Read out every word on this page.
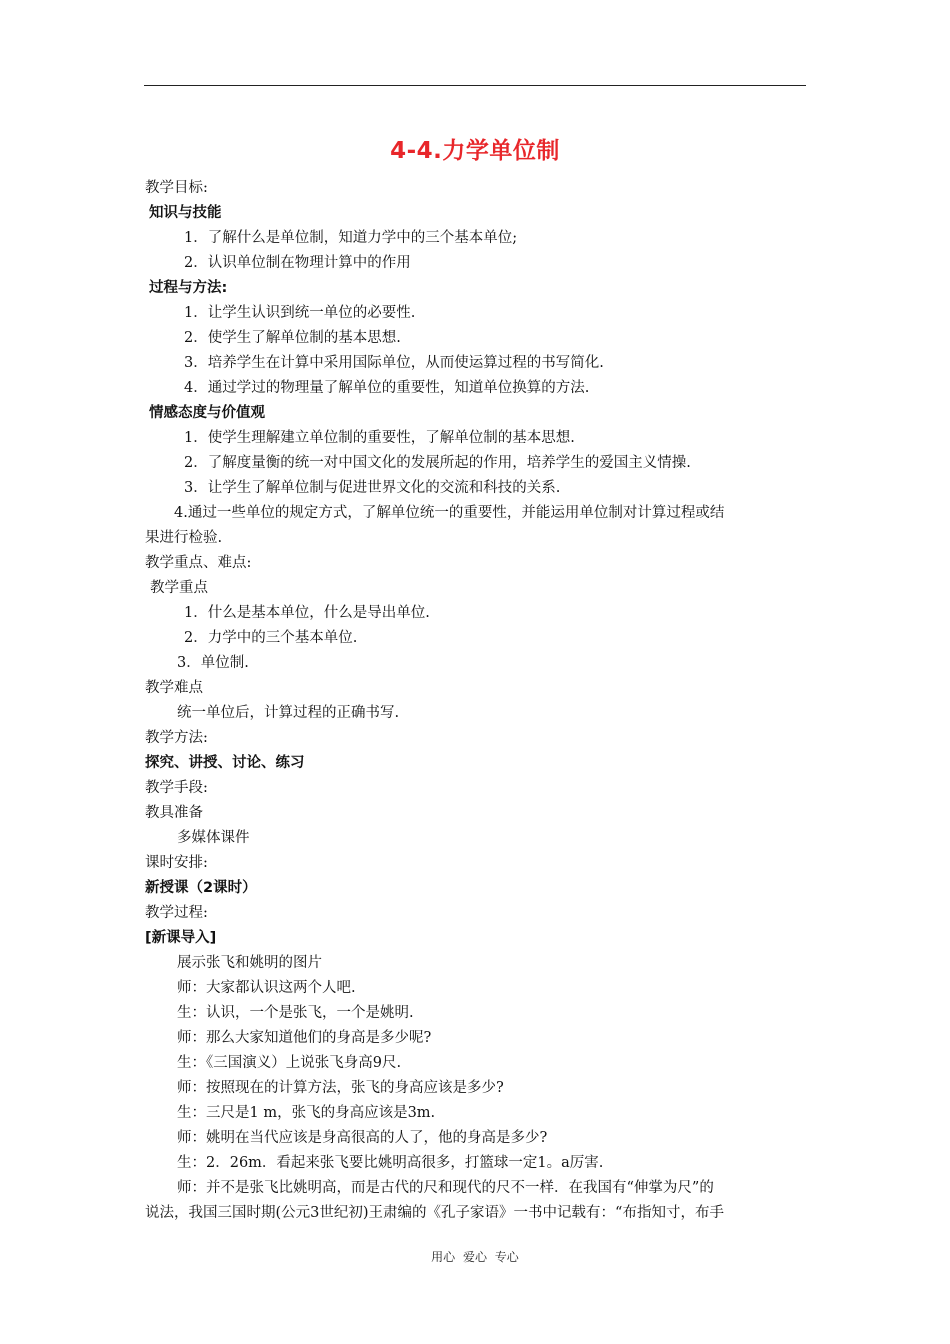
4-4.力学单位制
教学目标:
知识与技能
1．了解什么是单位制，知道力学中的三个基本单位;
2．认识单位制在物理计算中的作用
过程与方法:
1．让学生认识到统一单位的必要性.
2．使学生了解单位制的基本思想.
3．培养学生在计算中采用国际单位，从而使运算过程的书写简化.
4．通过学过的物理量了解单位的重要性，知道单位换算的方法.
情感态度与价值观
1．使学生理解建立单位制的重要性，了解单位制的基本思想.
2．了解度量衡的统一对中国文化的发展所起的作用，培养学生的爱国主义情操.
3．让学生了解单位制与促进世界文化的交流和科技的关系.
4.通过一些单位的规定方式，了解单位统一的重要性，并能运用单位制对计算过程或结
果进行检验.
教学重点、难点:
教学重点
1．什么是基本单位，什么是导出单位.
2．力学中的三个基本单位.
3．单位制.
教学难点
统一单位后，计算过程的正确书写.
教学方法:
探究、讲授、讨论、练习
教学手段:
教具准备
多媒体课件
课时安排:
新授课（2课时）
教学过程:
[新课导入]
展示张飞和姚明的图片
师：大家都认识这两个人吧.
生：认识，一个是张飞，一个是姚明.
师：那么大家知道他们的身高是多少呢?
生：《三国演义）上说张飞身高9尺.
师：按照现在的计算方法，张飞的身高应该是多少?
生：三尺是1 m，张飞的身高应该是3m.
师：姚明在当代应该是身高很高的人了，他的身高是多少?
生：2．26m．看起来张飞要比姚明高很多，打篮球一定1。a厉害.
师：并不是张飞比姚明高，而是古代的尺和现代的尺不一样．在我国有“伸掌为尺”的
说法，我国三国时期(公元3世纪初)王肃编的《孔子家语》一书中记载有：“布指知寸，布手
用心 爱心 专心
